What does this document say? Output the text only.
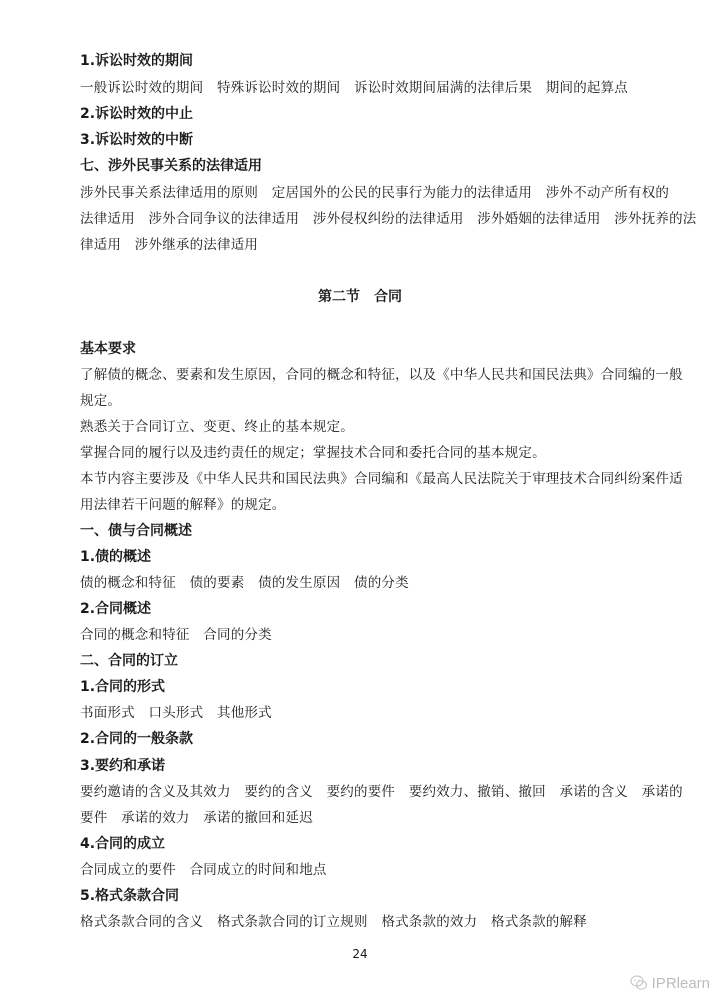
1.诉讼时效的期间
一般诉讼时效的期间　特殊诉讼时效的期间　诉讼时效期间届满的法律后果　期间的起算点
2.诉讼时效的中止
3.诉讼时效的中断
七、涉外民事关系的法律适用
涉外民事关系法律适用的原则　定居国外的公民的民事行为能力的法律适用　涉外不动产所有权的
法律适用　涉外合同争议的法律适用　涉外侵权纠纷的法律适用　涉外婚姻的法律适用　涉外抚养的法
律适用　涉外继承的法律适用
第二节　合同
基本要求
了解债的概念、要素和发生原因，合同的概念和特征，以及《中华人民共和国民法典》合同编的一般
规定。
熟悉关于合同订立、变更、终止的基本规定。
掌握合同的履行以及违约责任的规定；掌握技术合同和委托合同的基本规定。
本节内容主要涉及《中华人民共和国民法典》合同编和《最高人民法院关于审理技术合同纠纷案件适
用法律若干问题的解释》的规定。
一、债与合同概述
1.债的概述
债的概念和特征　债的要素　债的发生原因　债的分类
2.合同概述
合同的概念和特征　合同的分类
二、合同的订立
1.合同的形式
书面形式　口头形式　其他形式
2.合同的一般条款
3.要约和承诺
要约邀请的含义及其效力　要约的含义　要约的要件　要约效力、撤销、撤回　承诺的含义　承诺的
要件　承诺的效力　承诺的撤回和延迟
4.合同的成立
合同成立的要件　合同成立的时间和地点
5.格式条款合同
格式条款合同的含义　格式条款合同的订立规则　格式条款的效力　格式条款的解释
24
IPRlearn
